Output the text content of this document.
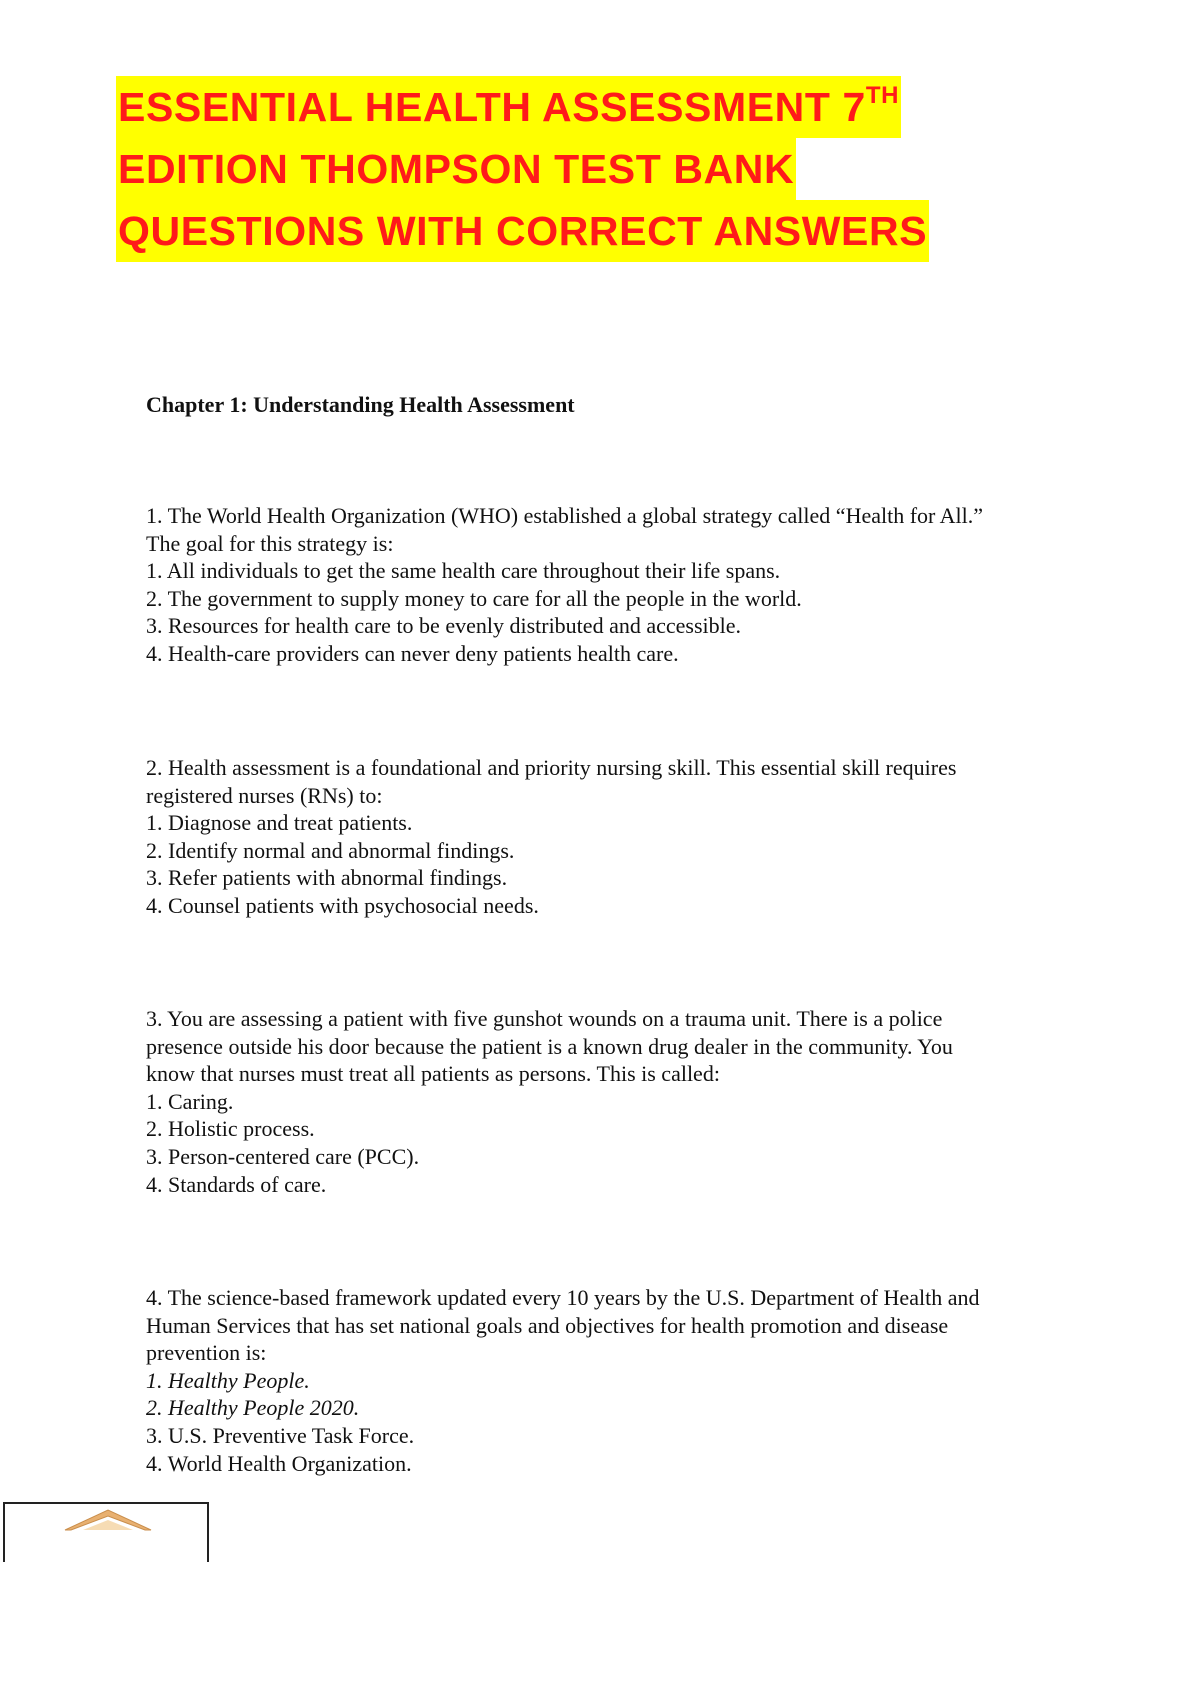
ESSENTIAL HEALTH ASSESSMENT 7TH
EDITION THOMPSON TEST BANK
QUESTIONS WITH CORRECT ANSWERS
Chapter 1: Understanding Health Assessment
1. The World Health Organization (WHO) established a global strategy called “Health for All.”
The goal for this strategy is:
1. All individuals to get the same health care throughout their life spans.
2. The government to supply money to care for all the people in the world.
3. Resources for health care to be evenly distributed and accessible.
4. Health-care providers can never deny patients health care.
2. Health assessment is a foundational and priority nursing skill. This essential skill requires
registered nurses (RNs) to:
1. Diagnose and treat patients.
2. Identify normal and abnormal findings.
3. Refer patients with abnormal findings.
4. Counsel patients with psychosocial needs.
3. You are assessing a patient with five gunshot wounds on a trauma unit. There is a police
presence outside his door because the patient is a known drug dealer in the community. You
know that nurses must treat all patients as persons. This is called:
1. Caring.
2. Holistic process.
3. Person-centered care (PCC).
4. Standards of care.
4. The science-based framework updated every 10 years by the U.S. Department of Health and
Human Services that has set national goals and objectives for health promotion and disease
prevention is:
1. Healthy People.
2. Healthy People 2020.
3. U.S. Preventive Task Force.
4. World Health Organization.
